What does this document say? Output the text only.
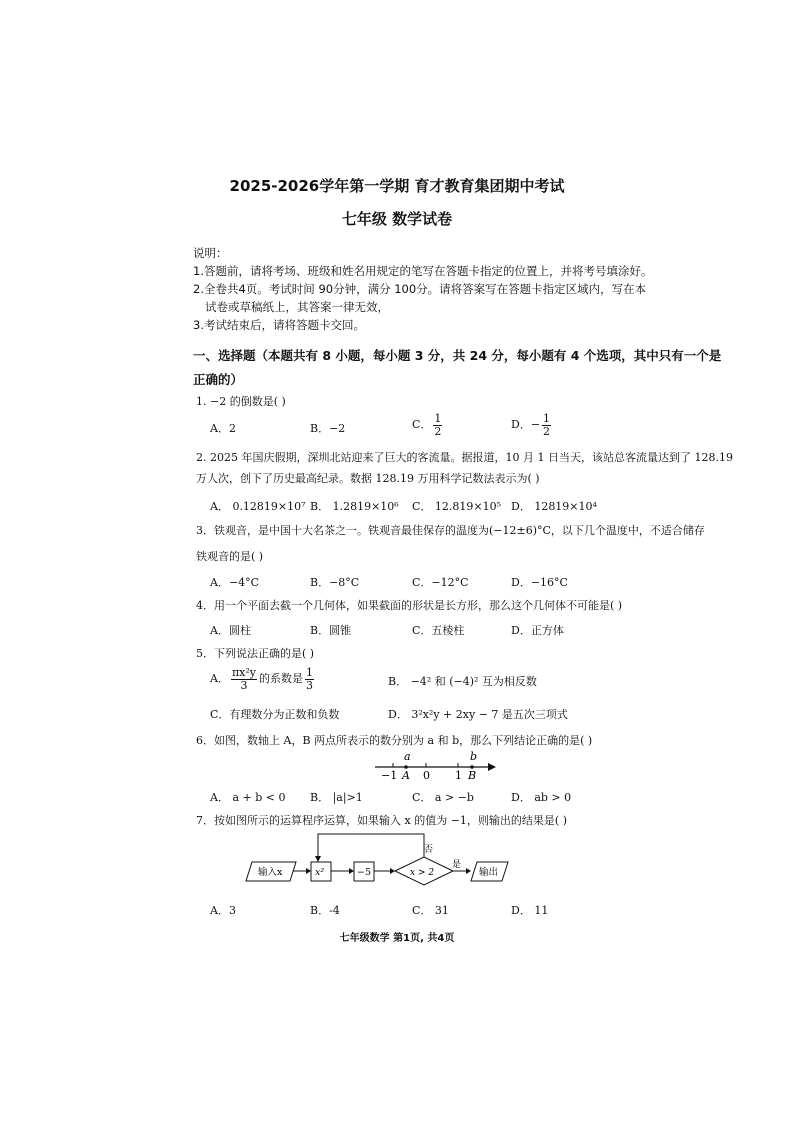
2025-2026学年第一学期 育才教育集团期中考试
七年级 数学试卷
说明：
1.答题前，请将考场、班级和姓名用规定的笔写在答题卡指定的位置上，并将考号填涂好。
2.全卷共4页。考试时间 90分钟，满分 100分。请将答案写在答题卡指定区域内，写在本
试卷或草稿纸上，其答案一律无效，
3.考试结束后，请将答题卡交回。
一、选择题（本题共有 8 小题，每小题 3 分，共 24 分，每小题有 4 个选项，其中只有一个是
正确的）
1. −2 的倒数是( )
A．2	B．−2	C． $\frac{1}{2}$	D．− $\frac{1}{2}$
2. 2025 年国庆假期，深圳北站迎来了巨大的客流量。据报道，10 月 1 日当天，该站总客流量达到了 128.19
万人次，创下了历史最高纪录。数据 128.19 万用科学记数法表示为( )
A． 0.12819×10⁷ B． 1.2819×10⁶ C． 12.819×10⁵ D． 12819×10⁴
3．铁观音，是中国十大名茶之一。铁观音最佳保存的温度为(−12±6)°C，以下几个温度中，不适合储存
铁观音的是( )
A．−4°C	B．−8°C	C．−12°C	D．−16°C
4．用一个平面去截一个几何体，如果截面的形状是长方形，那么这个几何体不可能是( )
A．圆柱	B．圆锥	C．五棱柱	D．正方体
5．下列说法正确的是( )
A． $\frac{\text{πx²y}}{3}$ 的系数是 $\frac{1}{3}$	B． −4² 和 (−4)² 互为相反数
C．有理数分为正数和负数	D． 3²x²y + 2xy − 7 是五次三项式
6．如图，数轴上 A，B 两点所表示的数分别为 a 和 b，那么下列结论正确的是( )
a	b
−1 A 0 1 B
A． a + b < 0 B． |a|>1	C． a > −b	D． ab > 0
7．按如图所示的运算程序运算，如果输入 x 的值为 −1，则输出的结果是( )
输入x	x²	−5	x > 2
否
是
输出
A．3	B．-4	C． 31	D． 11
七年级数学 第1页, 共4页
